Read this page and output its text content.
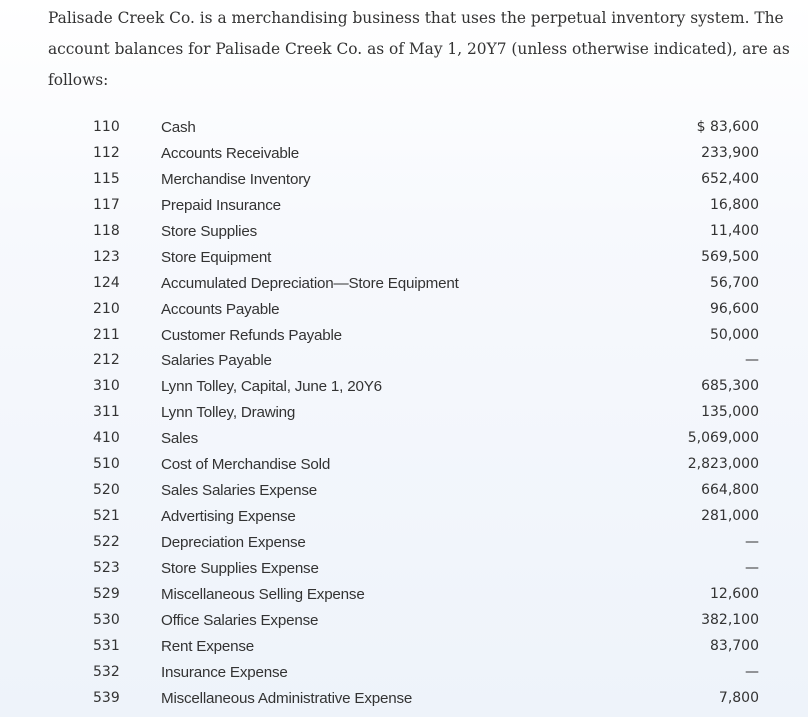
Palisade Creek Co. is a merchandising business that uses the perpetual inventory system. The account balances for Palisade Creek Co. as of May 1, 20Y7 (unless otherwise indicated), are as follows:

110	Cash	$ 83,600
112	Accounts Receivable	233,900
115	Merchandise Inventory	652,400
117	Prepaid Insurance	16,800
118	Store Supplies	11,400
123	Store Equipment	569,500
124	Accumulated Depreciation—Store Equipment	56,700
210	Accounts Payable	96,600
211	Customer Refunds Payable	50,000
212	Salaries Payable	—
310	Lynn Tolley, Capital, June 1, 20Y6	685,300
311	Lynn Tolley, Drawing	135,000
410	Sales	5,069,000
510	Cost of Merchandise Sold	2,823,000
520	Sales Salaries Expense	664,800
521	Advertising Expense	281,000
522	Depreciation Expense	—
523	Store Supplies Expense	—
529	Miscellaneous Selling Expense	12,600
530	Office Salaries Expense	382,100
531	Rent Expense	83,700
532	Insurance Expense	—
539	Miscellaneous Administrative Expense	7,800
